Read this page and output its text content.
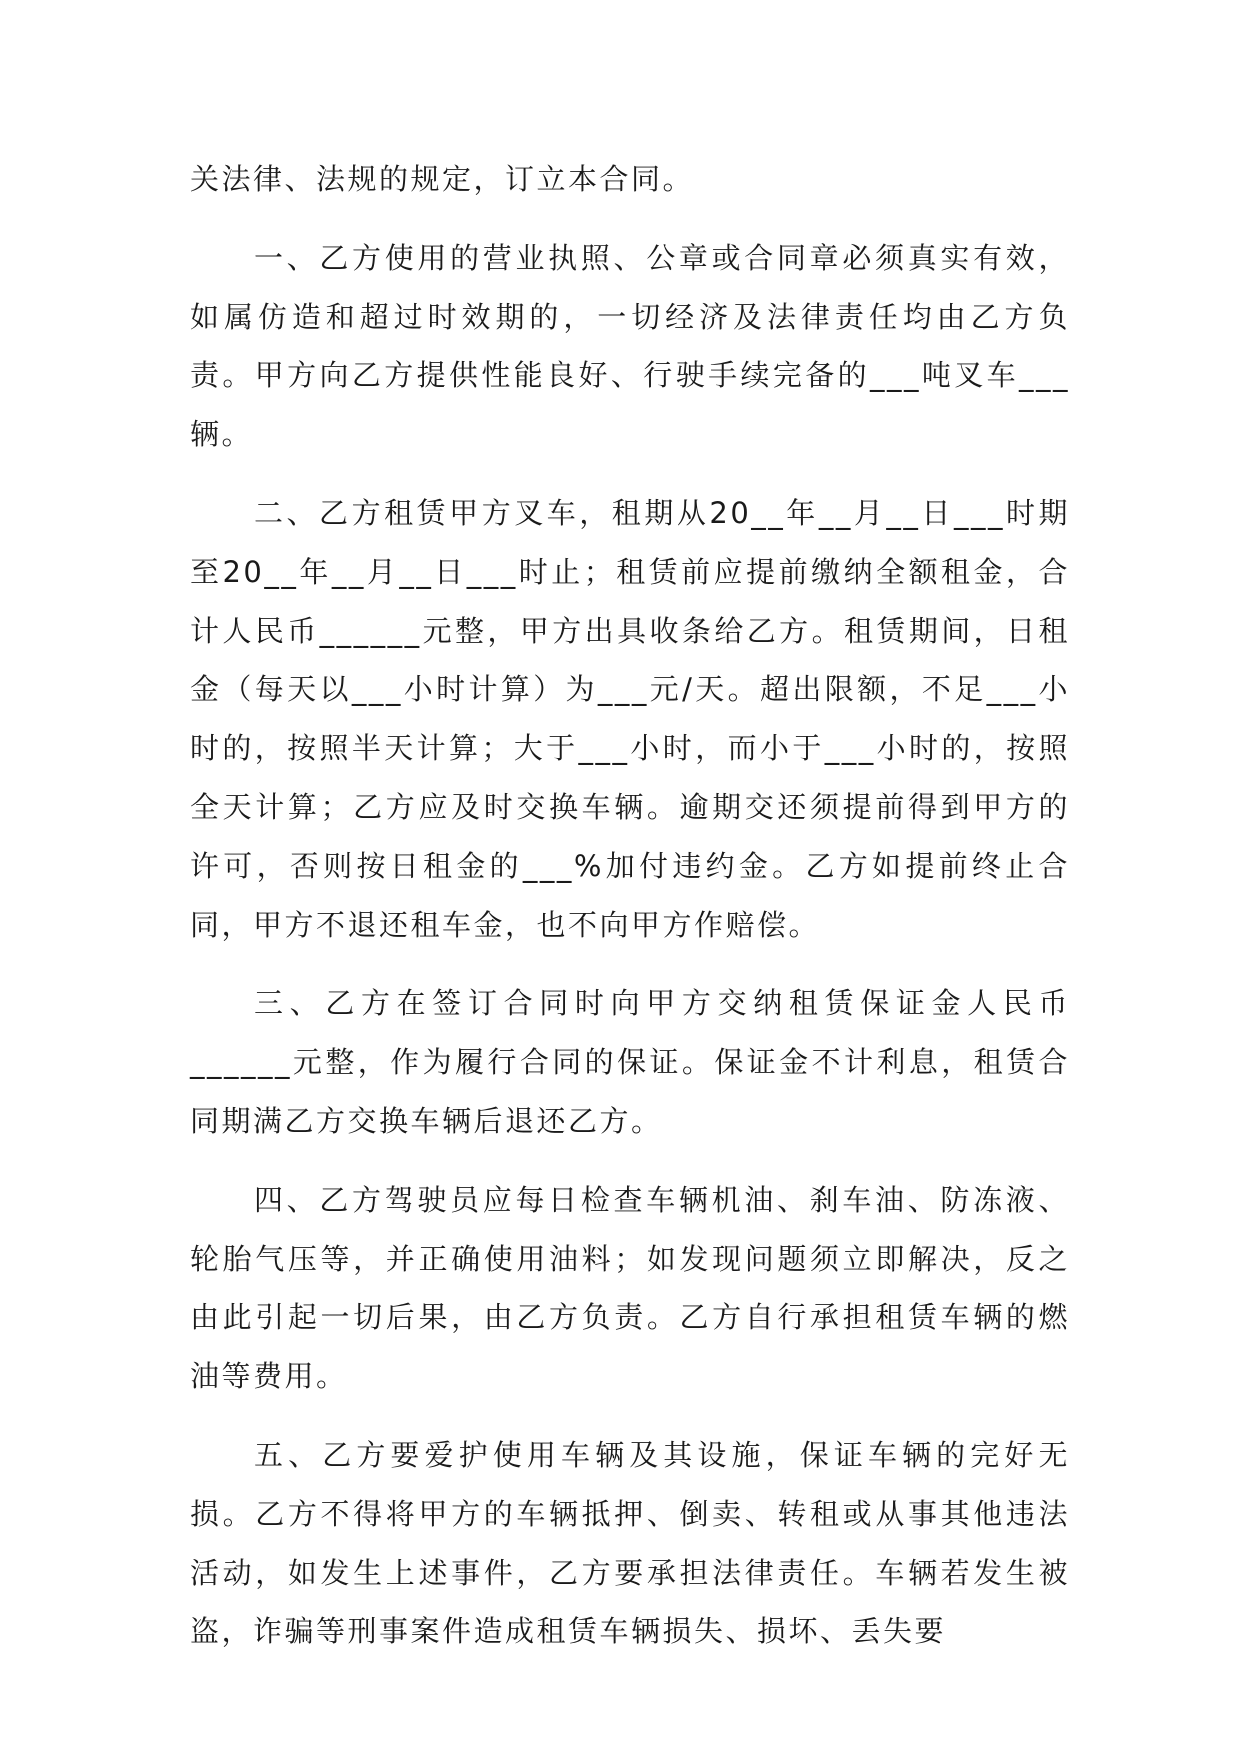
关法律、法规的规定，订立本合同。

一、乙方使用的营业执照、公章或合同章必须真实有效，如属仿造和超过时效期的，一切经济及法律责任均由乙方负责。甲方向乙方提供性能良好、行驶手续完备的___吨叉车___辆。

二、乙方租赁甲方叉车，租期从20__年__月__日___时期至20__年__月__日___时止；租赁前应提前缴纳全额租金，合计人民币______元整，甲方出具收条给乙方。租赁期间，日租金（每天以___小时计算）为___元/天。超出限额，不足___小时的，按照半天计算；大于___小时，而小于___小时的，按照全天计算；乙方应及时交换车辆。逾期交还须提前得到甲方的许可，否则按日租金的___%加付违约金。乙方如提前终止合同，甲方不退还租车金，也不向甲方作赔偿。

三、乙方在签订合同时向甲方交纳租赁保证金人民币______元整，作为履行合同的保证。保证金不计利息，租赁合同期满乙方交换车辆后退还乙方。

四、乙方驾驶员应每日检查车辆机油、刹车油、防冻液、轮胎气压等，并正确使用油料；如发现问题须立即解决，反之由此引起一切后果，由乙方负责。乙方自行承担租赁车辆的燃油等费用。

五、乙方要爱护使用车辆及其设施，保证车辆的完好无损。乙方不得将甲方的车辆抵押、倒卖、转租或从事其他违法活动，如发生上述事件，乙方要承担法律责任。车辆若发生被盗，诈骗等刑事案件造成租赁车辆损失、损坏、丢失要
